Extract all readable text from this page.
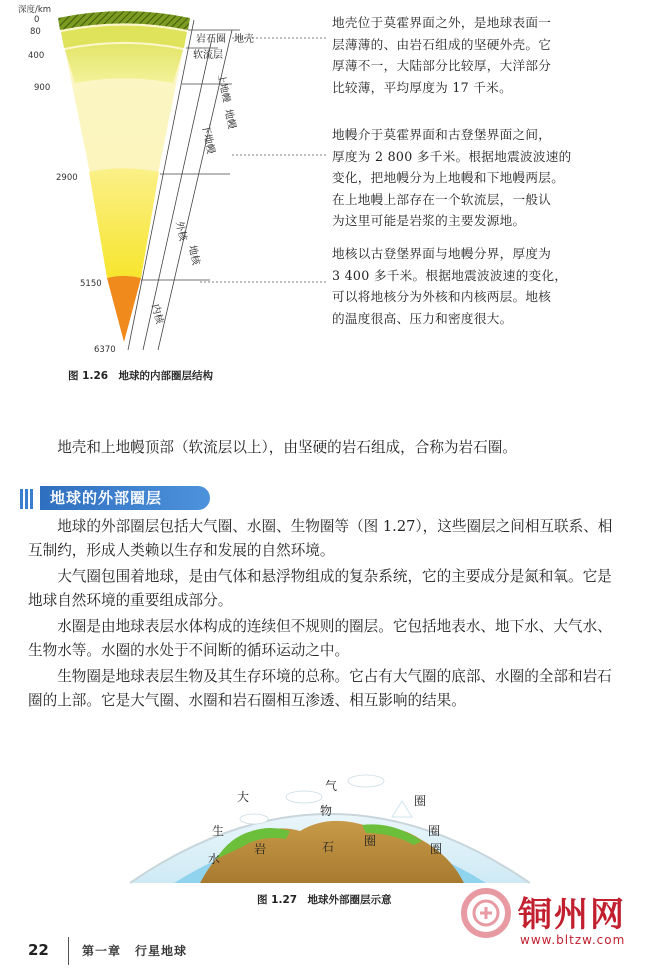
深度/km
0
80
400
900
2900
5150
6370
岩石圈 地壳
软流层
上地幔
地幔
下地幔
外核
地核
内核
地壳位于莫霍界面之外，是地球表面一
层薄薄的、由岩石组成的坚硬外壳。它
厚薄不一，大陆部分比较厚，大洋部分
比较薄，平均厚度为 17 千米。
地幔介于莫霍界面和古登堡界面之间，
厚度为 2 800 多千米。根据地震波波速的
变化，把地幔分为上地幔和下地幔两层。
在上地幔上部存在一个软流层，一般认
为这里可能是岩浆的主要发源地。
地核以古登堡界面与地幔分界，厚度为
3 400 多千米。根据地震波波速的变化，
可以将地核分为外核和内核两层。地核
的温度很高、压力和密度很大。
图 1.26　地球的内部圈层结构

地壳和上地幔顶部（软流层以上），由坚硬的岩石组成，合称为岩石圈。

地球的外部圈层

地球的外部圈层包括大气圈、水圈、生物圈等（图 1.27），这些圈层之间相互联系、相互制约，形成人类赖以生存和发展的自然环境。

大气圈包围着地球，是由气体和悬浮物组成的复杂系统，它的主要成分是氮和氧。它是地球自然环境的重要组成部分。

水圈是由地球表层水体构成的连续但不规则的圈层。它包括地表水、地下水、大气水、生物水等。水圈的水处于不间断的循环运动之中。

生物圈是地球表层生物及其生存环境的总称。它占有大气圈的底部、水圈的全部和岩石圈的上部。它是大气圈、水圈和岩石圈相互渗透、相互影响的结果。

大
气
圈
生
物
圈
水
圈
岩	石 圈
图 1.27　地球外部圈层示意
22	第一章 行星地球
铜州网
www.bltzw.com
